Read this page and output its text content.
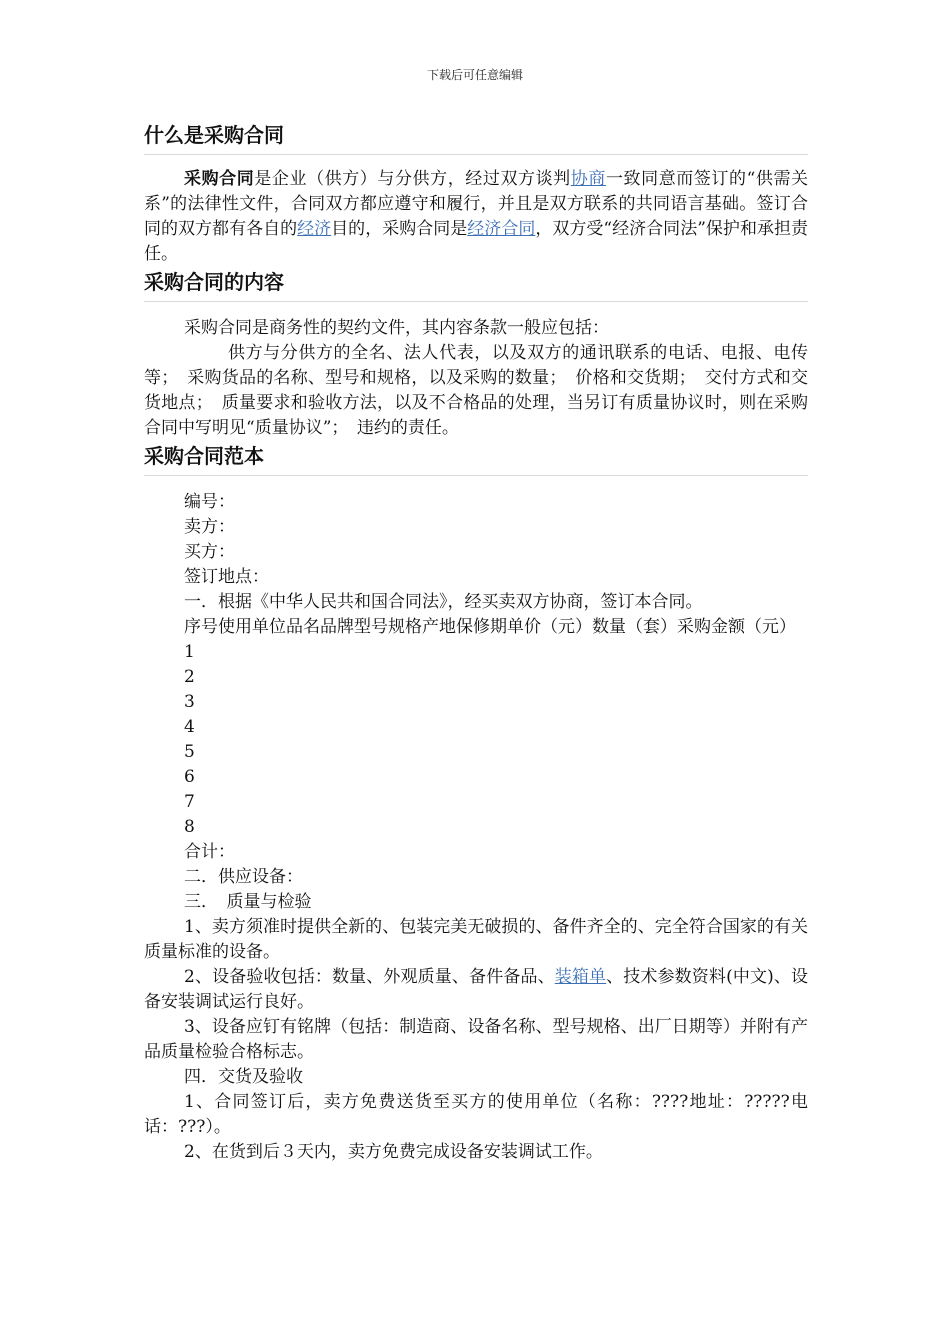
下载后可任意编辑
什么是采购合同

采购合同是企业（供方）与分供方，经过双方谈判协商一致同意而签订的“供需关系”的法律性文件，合同双方都应遵守和履行，并且是双方联系的共同语言基础。签订合同的双方都有各自的经济目的，采购合同是经济合同，双方受“经济合同法”保护和承担责任。

采购合同的内容

采购合同是商务性的契约文件，其内容条款一般应包括：

供方与分供方的全名、法人代表，以及双方的通讯联系的电话、电报、电传等；　采购货品的名称、型号和规格，以及采购的数量；　价格和交货期；　交付方式和交货地点；　质量要求和验收方法，以及不合格品的处理，当另订有质量协议时，则在采购合同中写明见“质量协议”；　违约的责任。

采购合同范本

编号：

卖方：

买方：

签订地点：

一．根据《中华人民共和国合同法》，经买卖双方协商，签订本合同。

序号使用单位品名品牌型号规格产地保修期单价（元）数量（套）采购金额（元）

1

2

3

4

5

6

7

8

合计：

二．供应设备：

三．　质量与检验

1、卖方须准时提供全新的、包装完美无破损的、备件齐全的、完全符合国家的有关质量标准的设备。

2、设备验收包括：数量、外观质量、备件备品、装箱单、技术参数资料(中文)、设备安装调试运行良好。

3、设备应钉有铭牌（包括：制造商、设备名称、型号规格、出厂日期等）并附有产品质量检验合格标志。

四．交货及验收

1、合同签订后，卖方免费送货至买方的使用单位（名称：????地址：?????电话：???）。

2、在货到后３天内，卖方免费完成设备安装调试工作。
